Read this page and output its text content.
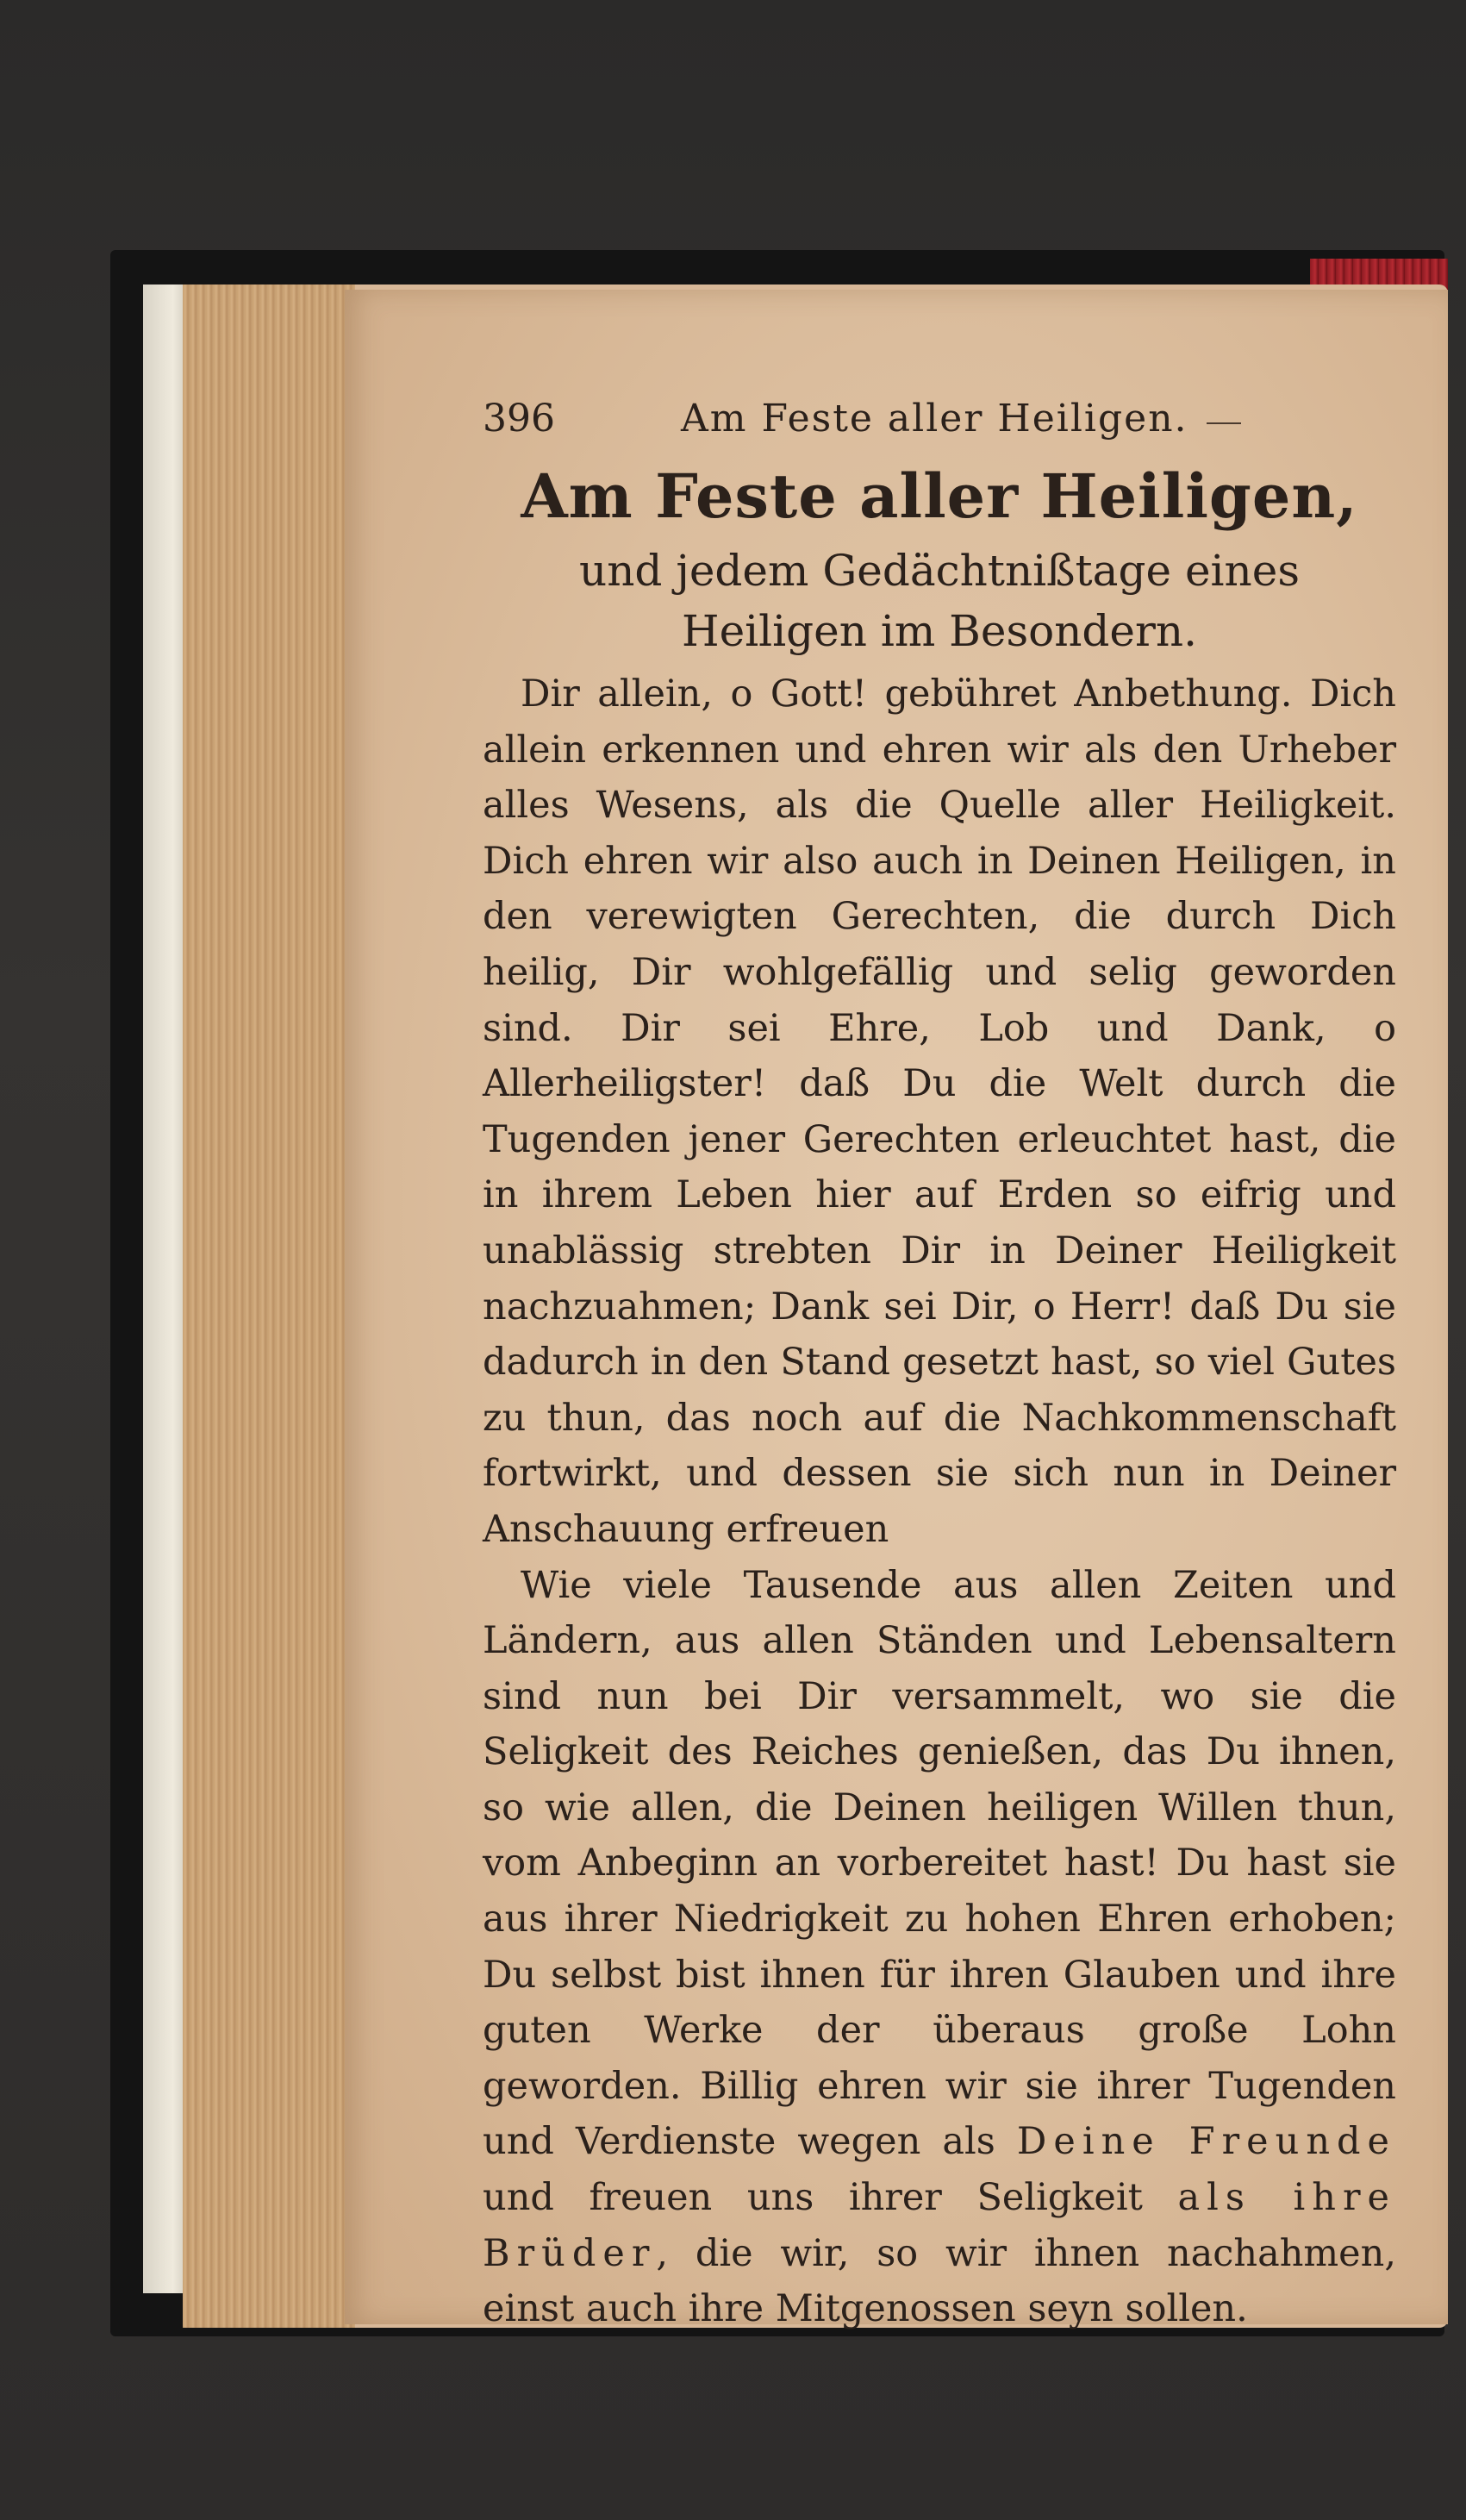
396	Am Feste aller Heiligen.
Am Feste aller Heiligen,
und jedem Gedächtnißtage eines Heiligen im Besondern.

Dir allein, o Gott! gebühret Anbethung. Dich allein erkennen und ehren wir als den Urheber alles Wesens, als die Quelle aller Heiligkeit. Dich ehren wir also auch in Deinen Heiligen, in den verewigten Gerechten, die durch Dich heilig, Dir wohlgefällig und selig geworden sind. Dir sei Ehre, Lob und Dank, o Allerheiligster! daß Du die Welt durch die Tugenden jener Gerechten erleuchtet hast, die in ihrem Leben hier auf Erden so eifrig und unablässig strebten Dir in Deiner Heiligkeit nachzuahmen; Dank sei Dir, o Herr! daß Du sie dadurch in den Stand gesetzt hast, so viel Gutes zu thun, das noch auf die Nachkommenschaft fortwirkt, und dessen sie sich nun in Deiner Anschauung erfreuen

Wie viele Tausende aus allen Zeiten und Ländern, aus allen Ständen und Lebensaltern sind nun bei Dir versammelt, wo sie die Seligkeit des Reiches genießen, das Du ihnen, so wie allen, die Deinen heiligen Willen thun, vom Anbeginn an vorbereitet hast! Du hast sie aus ihrer Niedrigkeit zu hohen Ehren erhoben; Du selbst bist ihnen für ihren Glauben und ihre guten Werke der überaus große Lohn geworden. Billig ehren wir sie ihrer Tugenden und Verdienste wegen als Deine Freunde und freuen uns ihrer Seligkeit als ihre Brüder, die wir, so wir ihnen nachahmen, einst auch ihre Mitgenossen seyn sollen.
